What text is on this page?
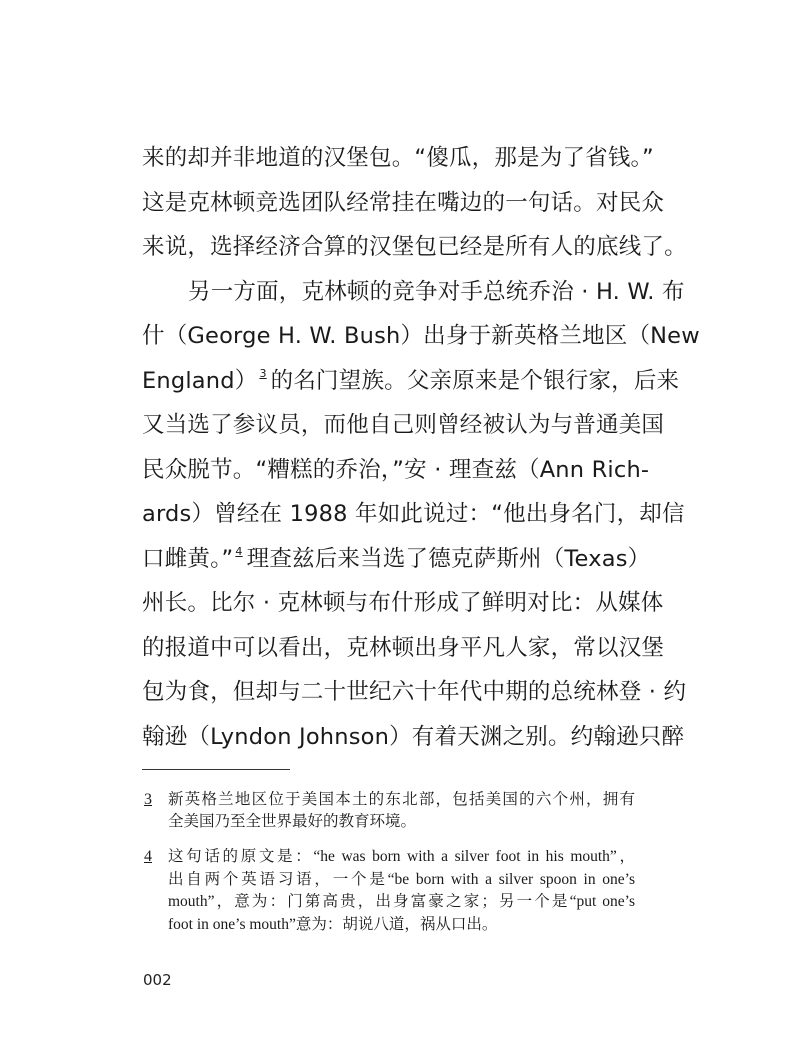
来的却并非地道的汉堡包。“傻瓜，那是为了省钱。”
这是克林顿竞选团队经常挂在嘴边的一句话。对民众
来说，选择经济合算的汉堡包已经是所有人的底线了。
另一方面，克林顿的竞争对手总统乔治 · H. W. 布
什（George H. W. Bush）出身于新英格兰地区（New
England） $^3$ 的名门望族。父亲原来是个银行家，后来
又当选了参议员，而他自己则曾经被认为与普通美国
民众脱节。“糟糕的乔治，”安 · 理查兹（Ann Rich-
ards）曾经在 1988 年如此说过：“他出身名门，却信
口雌黄。” $^4$ 理查兹后来当选了德克萨斯州（Texas）
州长。比尔 · 克林顿与布什形成了鲜明对比：从媒体
的报道中可以看出，克林顿出身平凡人家，常以汉堡
包为食，但却与二十世纪六十年代中期的总统林登 · 约
翰逊（Lyndon Johnson）有着天渊之别。约翰逊只醉
3 新英格兰地区位于美国本土的东北部，包括美国的六个州，拥有
全美国乃至全世界最好的教育环境。
4 这句话的原文是：“he was born with a silver foot in his mouth”，
出自两个英语习语，一个是“be born with a silver spoon in one’s
mouth”，意为：门第高贵，出身富豪之家；另一个是“put one’s
foot in one’s mouth”意为：胡说八道，祸从口出。
002
